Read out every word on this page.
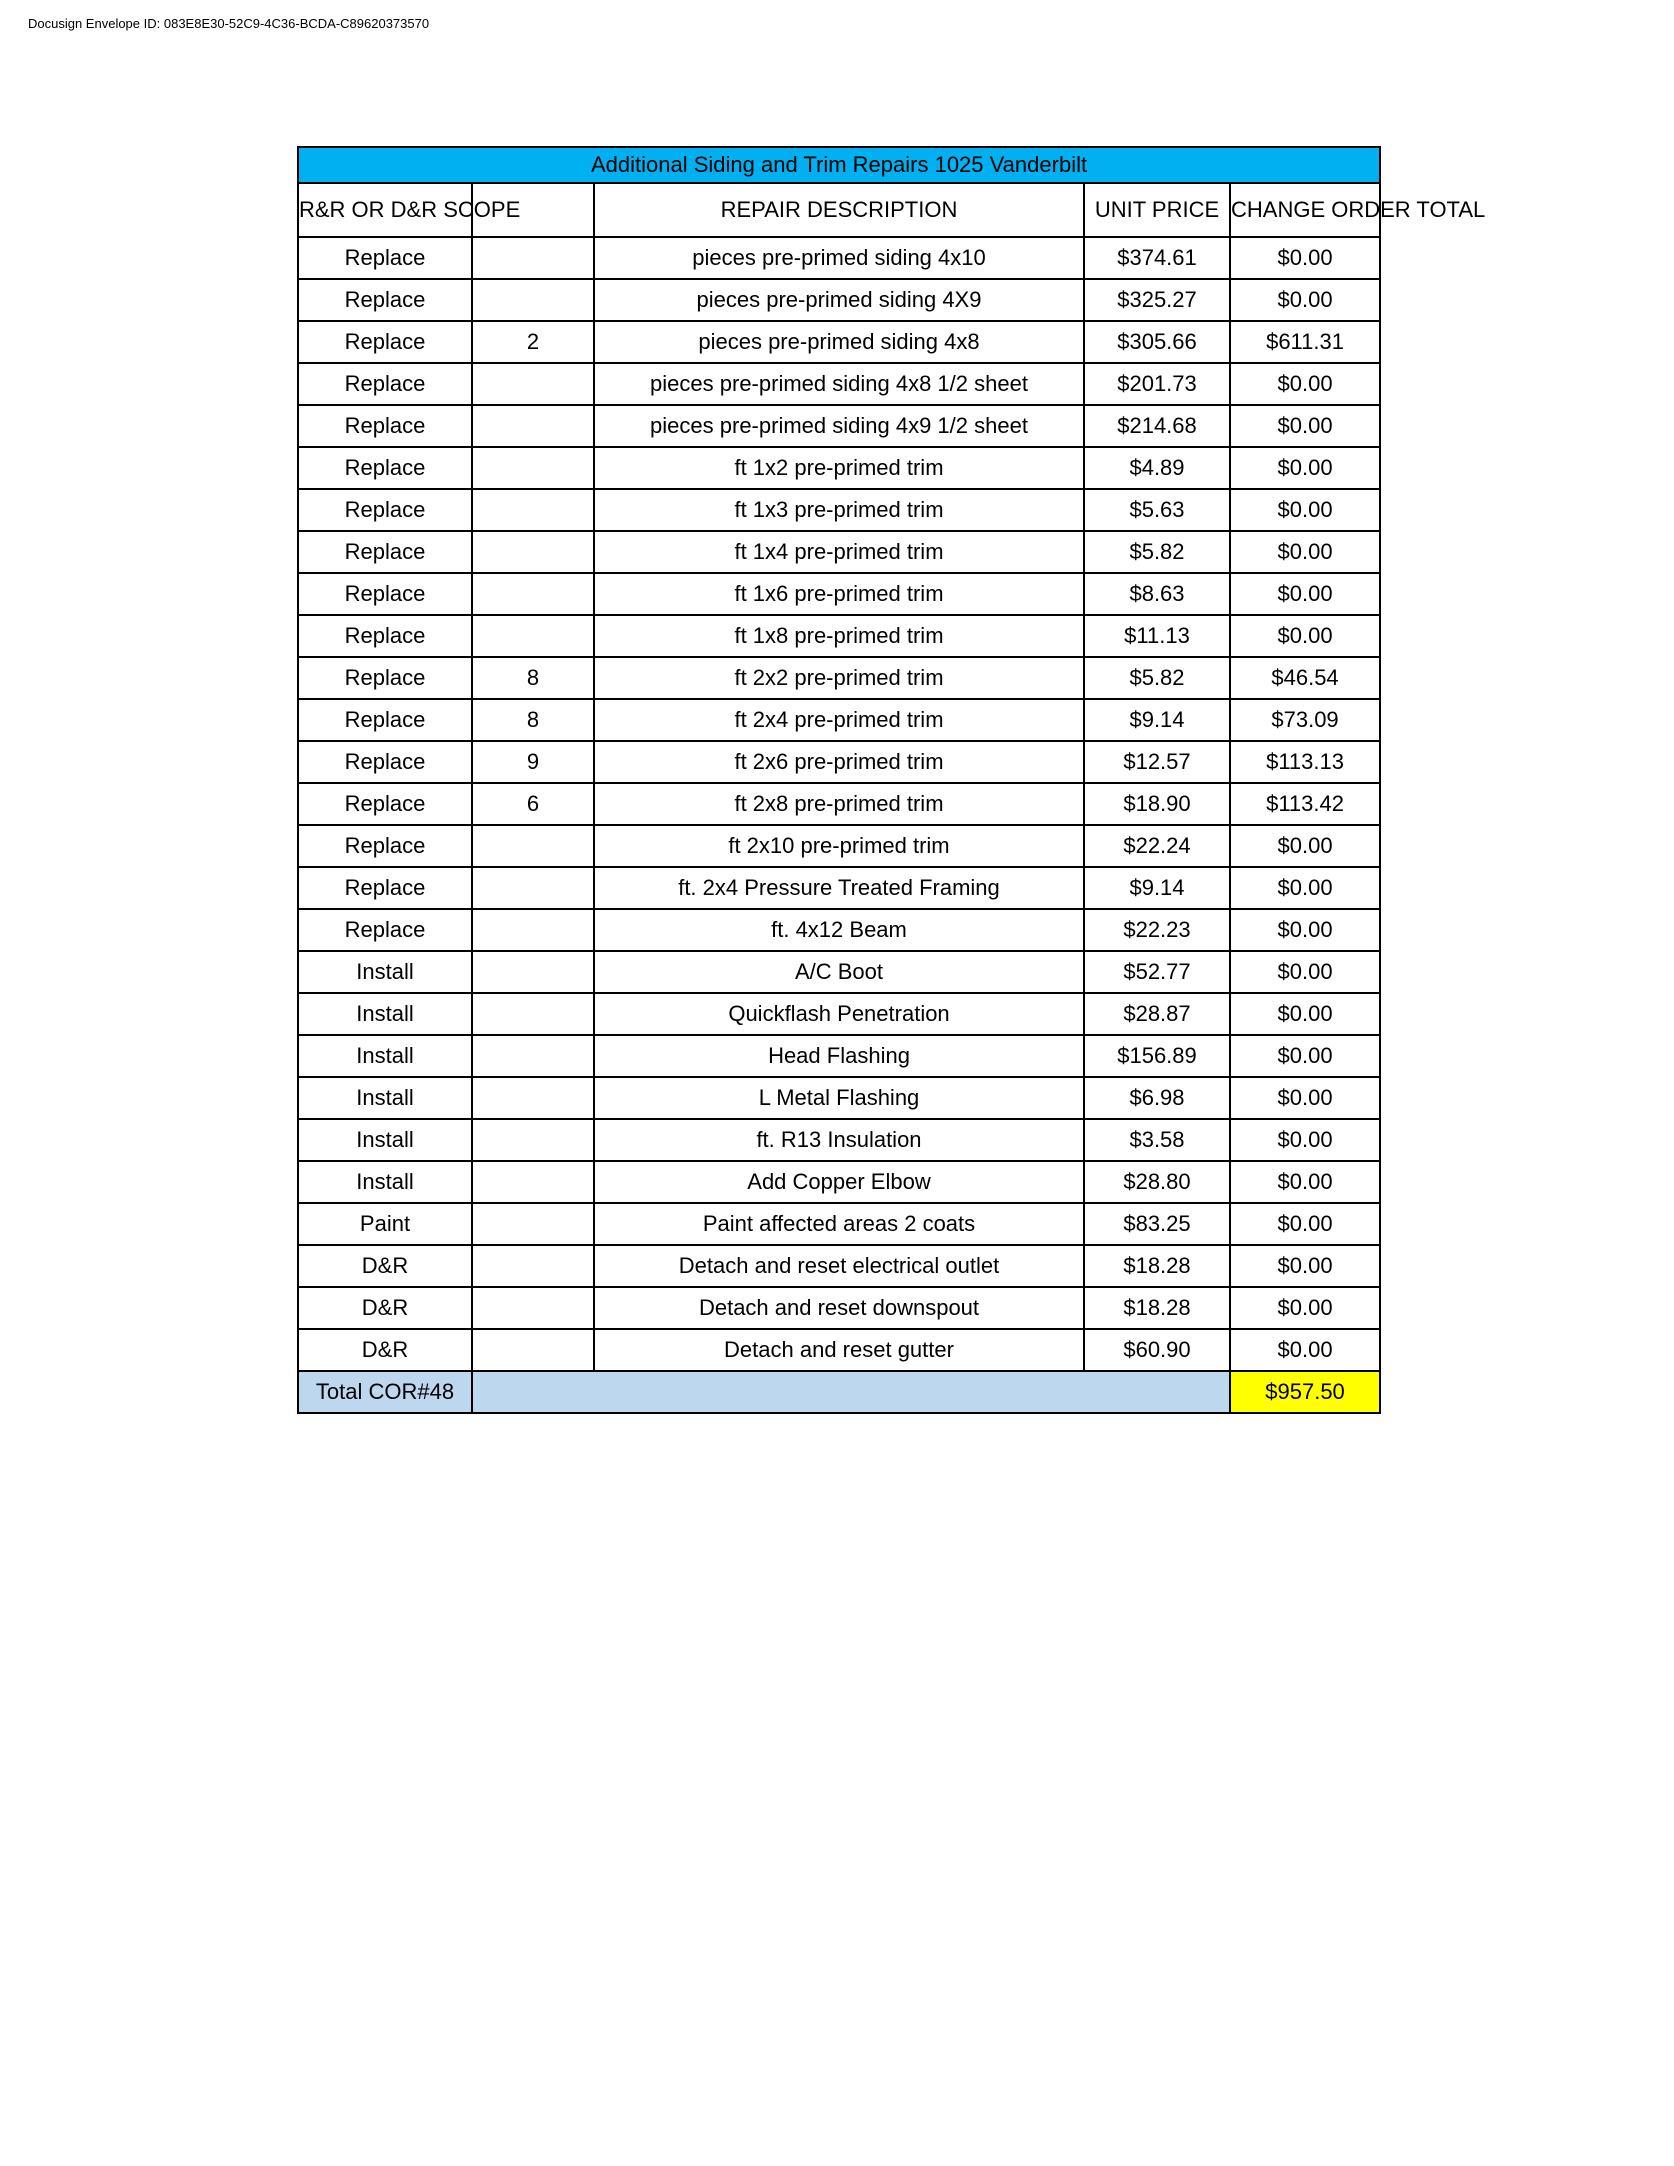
Docusign Envelope ID: 083E8E30-52C9-4C36-BCDA-C89620373570
Additional Siding and Trim Repairs 1025 Vanderbilt				
R&R OR D&R SCOPE		REPAIR DESCRIPTION	UNIT PRICE	CHANGE ORDER TOTAL
Replace		pieces pre-primed siding 4x10	$374.61	$0.00
Replace		pieces pre-primed siding 4X9	$325.27	$0.00
Replace	2	pieces pre-primed siding 4x8	$305.66	$611.31
Replace		pieces pre-primed siding 4x8 1/2 sheet	$201.73	$0.00
Replace		pieces pre-primed siding 4x9 1/2 sheet	$214.68	$0.00
Replace		ft 1x2 pre-primed trim	$4.89	$0.00
Replace		ft 1x3 pre-primed trim	$5.63	$0.00
Replace		ft 1x4 pre-primed trim	$5.82	$0.00
Replace		ft 1x6 pre-primed trim	$8.63	$0.00
Replace		ft 1x8 pre-primed trim	$11.13	$0.00
Replace	8	ft 2x2 pre-primed trim	$5.82	$46.54
Replace	8	ft 2x4 pre-primed trim	$9.14	$73.09
Replace	9	ft 2x6 pre-primed trim	$12.57	$113.13
Replace	6	ft 2x8 pre-primed trim	$18.90	$113.42
Replace		ft 2x10 pre-primed trim	$22.24	$0.00
Replace		ft. 2x4 Pressure Treated Framing	$9.14	$0.00
Replace		ft. 4x12 Beam	$22.23	$0.00
Install		A/C Boot	$52.77	$0.00
Install		Quickflash Penetration	$28.87	$0.00
Install		Head Flashing	$156.89	$0.00
Install		L Metal Flashing	$6.98	$0.00
Install		ft. R13 Insulation	$3.58	$0.00
Install		Add Copper Elbow	$28.80	$0.00
Paint		Paint affected areas 2 coats	$83.25	$0.00
D&R		Detach and reset electrical outlet	$18.28	$0.00
D&R		Detach and reset downspout	$18.28	$0.00
D&R		Detach and reset gutter	$60.90	$0.00
Total COR#48				$957.50
